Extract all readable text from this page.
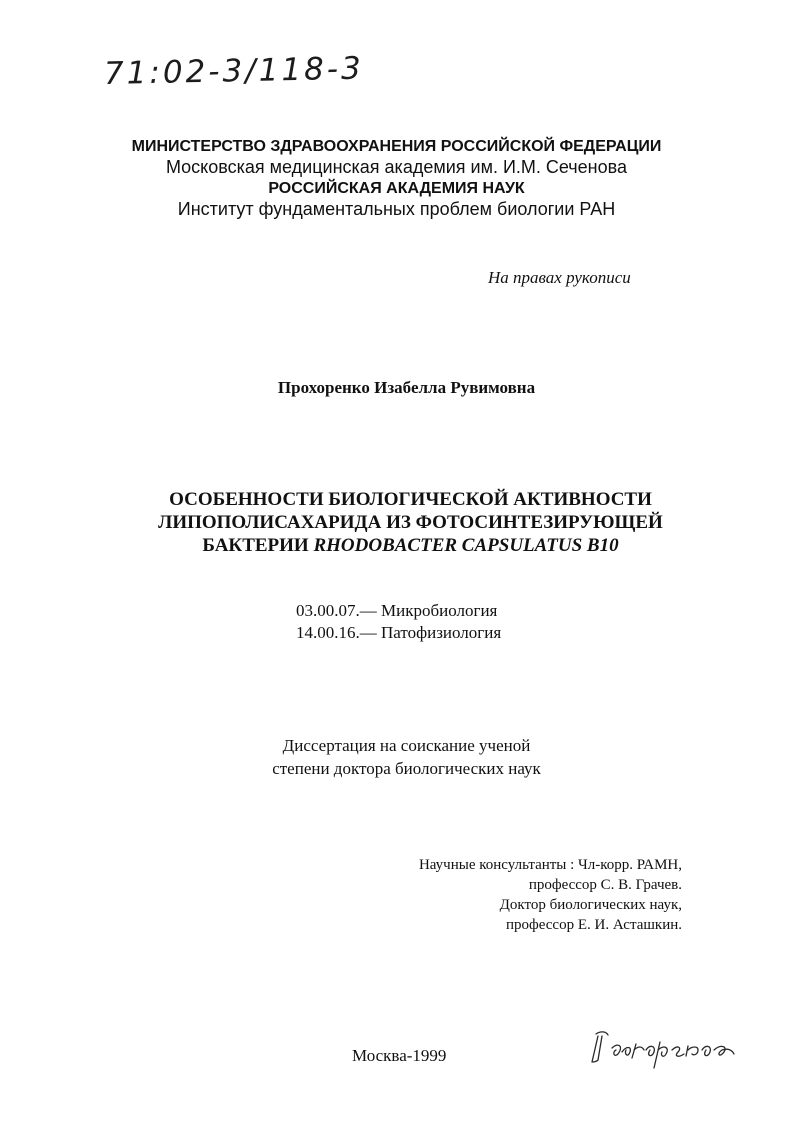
71:02-3/118-3
МИНИСТЕРСТВО ЗДРАВООХРАНЕНИЯ РОССИЙСКОЙ ФЕДЕРАЦИИ
Московская медицинская академия им. И.М. Сеченова
РОССИЙСКАЯ АКАДЕМИЯ НАУК
Институт фундаментальных проблем биологии РАН
На правах рукописи
Прохоренко Изабелла Рувимовна
ОСОБЕННОСТИ БИОЛОГИЧЕСКОЙ АКТИВНОСТИ
ЛИПОПОЛИСАХАРИДА ИЗ ФОТОСИНТЕЗИРУЮЩЕЙ
БАКТЕРИИ RHODOBACTER CAPSULATUS B10
03.00.07.— Микробиология
14.00.16.— Патофизиология
Диссертация на соискание ученой
степени доктора биологических наук
Научные консультанты : Чл-корр. РАМН,
профессор С. В. Грачев.
Доктор биологических наук,
профессор Е. И. Асташкин.
Москва-1999
